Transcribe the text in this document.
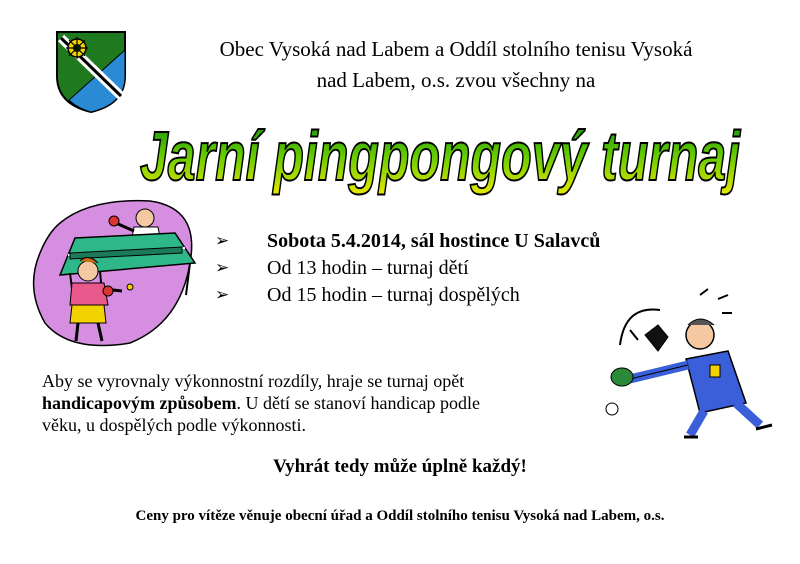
Obec Vysoká nad Labem a Oddíl stolního tenisu Vysoká
nad Labem, o.s. zvou všechny na
Jarní pingpongový turnaj
➢ Sobota 5.4.2014, sál hostince U Salavců
➢ Od 13 hodin – turnaj dětí
➢ Od 15 hodin – turnaj dospělých
Aby se vyrovnaly výkonnostní rozdíly, hraje se turnaj opět handicapovým způsobem. U dětí se stanoví handicap podle věku, u dospělých podle výkonnosti.
Vyhrát tedy může úplně každý!
Ceny pro vítěze věnuje obecní úřad a Oddíl stolního tenisu Vysoká nad Labem, o.s.
